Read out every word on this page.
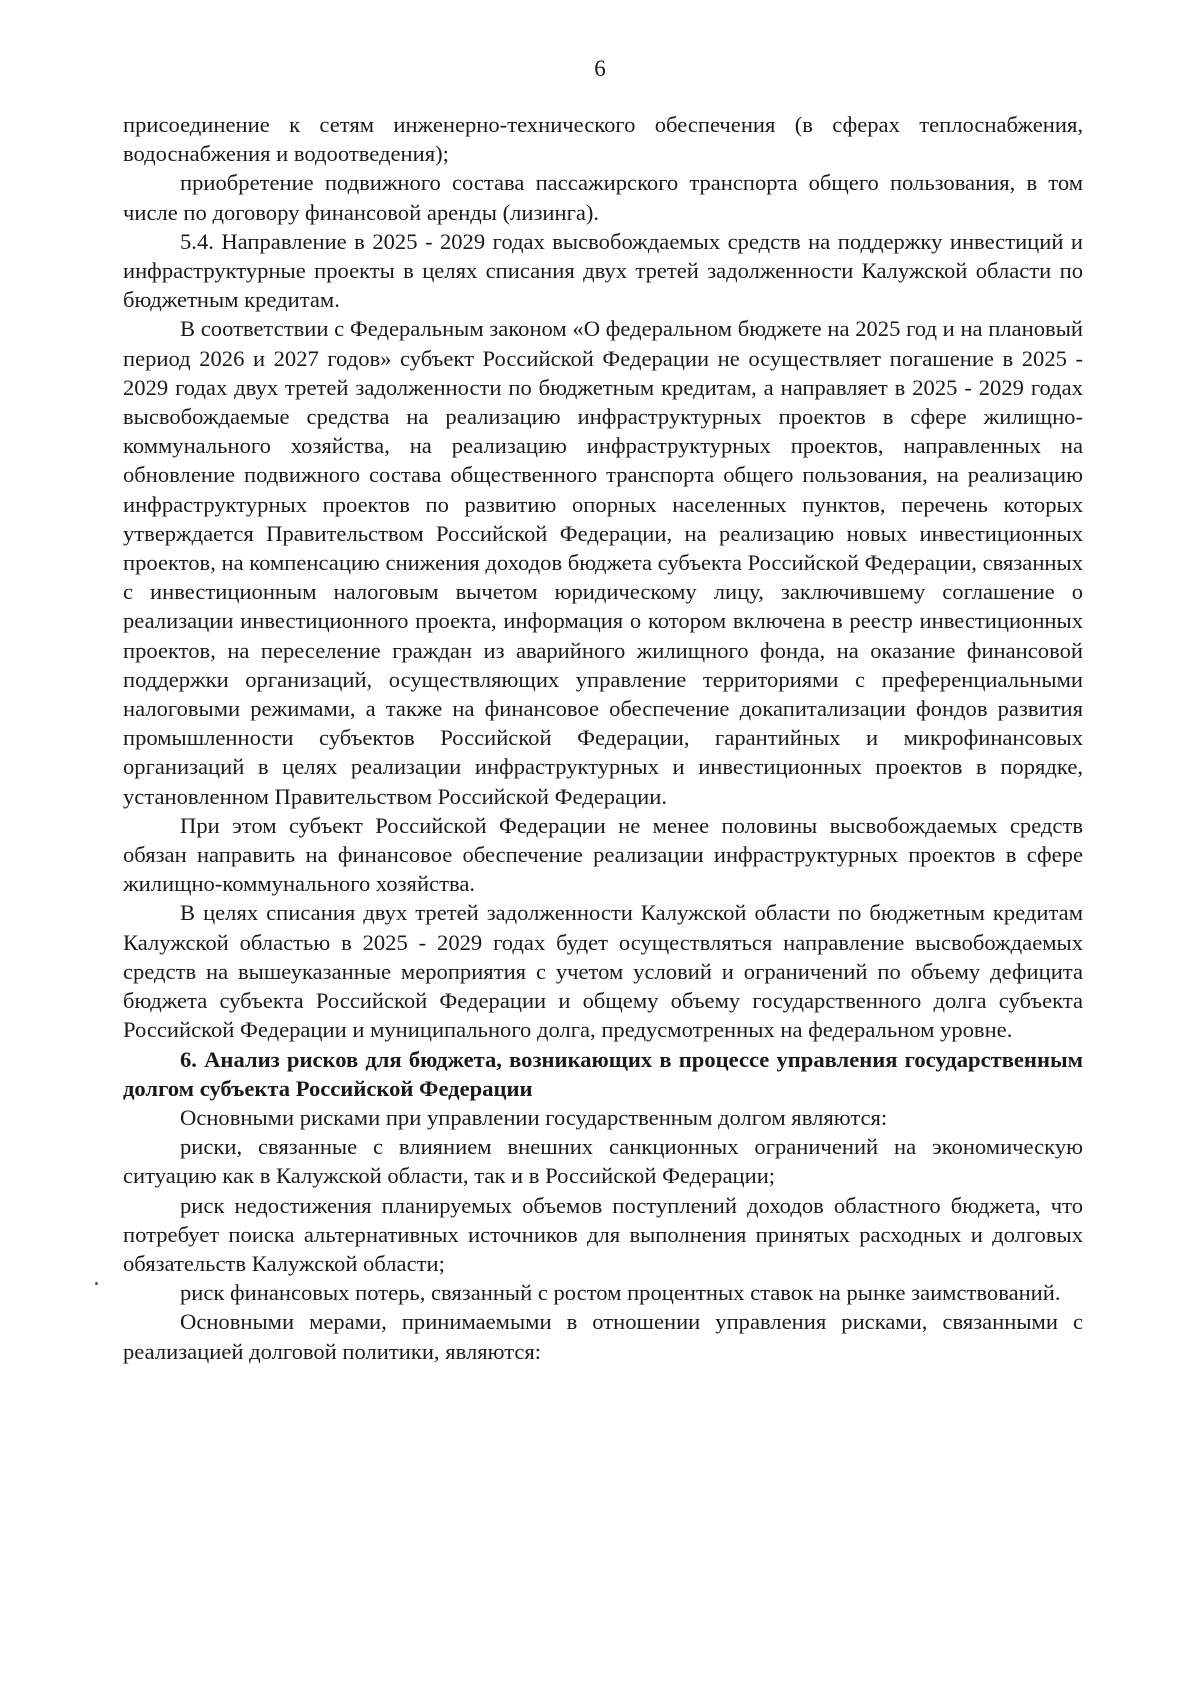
6

присоединение к сетям инженерно-технического обеспечения (в сферах теплоснабжения, водоснабжения и водоотведения);

приобретение подвижного состава пассажирского транспорта общего пользования, в том числе по договору финансовой аренды (лизинга).

5.4. Направление в 2025 - 2029 годах высвобождаемых средств на поддержку инвестиций и инфраструктурные проекты в целях списания двух третей задолженности Калужской области по бюджетным кредитам.

В соответствии с Федеральным законом «О федеральном бюджете на 2025 год и на плановый период 2026 и 2027 годов» субъект Российской Федерации не осуществляет погашение в 2025 - 2029 годах двух третей задолженности по бюджетным кредитам, а направляет в 2025 - 2029 годах высвобождаемые средства на реализацию инфраструктурных проектов в сфере жилищно-коммунального хозяйства, на реализацию инфраструктурных проектов, направленных на обновление подвижного состава общественного транспорта общего пользования, на реализацию инфраструктурных проектов по развитию опорных населенных пунктов, перечень которых утверждается Правительством Российской Федерации, на реализацию новых инвестиционных проектов, на компенсацию снижения доходов бюджета субъекта Российской Федерации, связанных с инвестиционным налоговым вычетом юридическому лицу, заключившему соглашение о реализации инвестиционного проекта, информация о котором включена в реестр инвестиционных проектов, на переселение граждан из аварийного жилищного фонда, на оказание финансовой поддержки организаций, осуществляющих управление территориями с преференциальными налоговыми режимами, а также на финансовое обеспечение докапитализации фондов развития промышленности субъектов Российской Федерации, гарантийных и микрофинансовых организаций в целях реализации инфраструктурных и инвестиционных проектов в порядке, установленном Правительством Российской Федерации.

При этом субъект Российской Федерации не менее половины высвобождаемых средств обязан направить на финансовое обеспечение реализации инфраструктурных проектов в сфере жилищно-коммунального хозяйства.

В целях списания двух третей задолженности Калужской области по бюджетным кредитам Калужской областью в 2025 - 2029 годах будет осуществляться направление высвобождаемых средств на вышеуказанные мероприятия с учетом условий и ограничений по объему дефицита бюджета субъекта Российской Федерации и общему объему государственного долга субъекта Российской Федерации и муниципального долга, предусмотренных на федеральном уровне.

6. Анализ рисков для бюджета, возникающих в процессе управления государственным долгом субъекта Российской Федерации

Основными рисками при управлении государственным долгом являются:

риски, связанные с влиянием внешних санкционных ограничений на экономическую ситуацию как в Калужской области, так и в Российской Федерации;

риск недостижения планируемых объемов поступлений доходов областного бюджета, что потребует поиска альтернативных источников для выполнения принятых расходных и долговых обязательств Калужской области;

риск финансовых потерь, связанный с ростом процентных ставок на рынке заимствований.

Основными мерами, принимаемыми в отношении управления рисками, связанными с реализацией долговой политики, являются:
